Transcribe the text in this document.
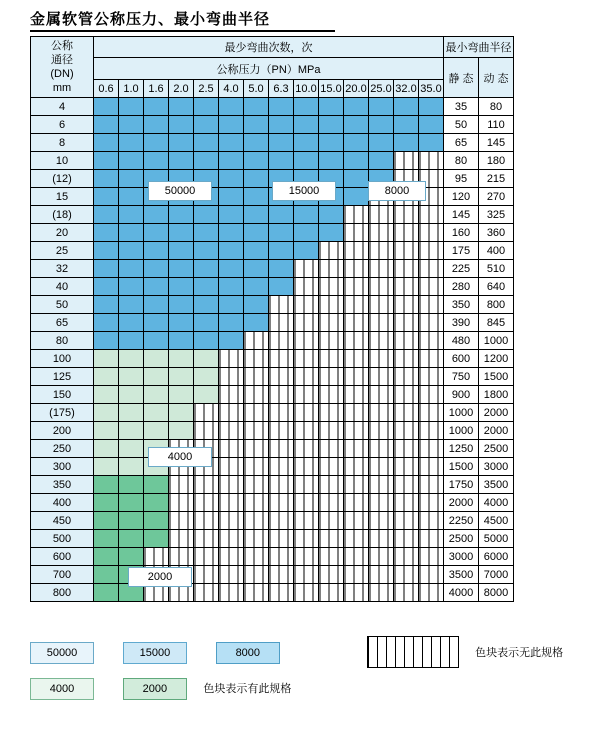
金属软管公称压力、最小弯曲半径
公称
通径
(DN)
mm	最少弯曲次数，次														最小弯曲半径	
	公称压力（PN）MPa														静 态	动 态
	0.6	1.0	1.6	2.0	2.5	4.0	5.0	6.3	10.0	15.0	20.0	25.0	32.0	35.0		
4															35	80
6															50	110
8															65	145
10															80	180
(12)															95	215
15															120	270
(18)															145	325
20															160	360
25															175	400
32															225	510
40															280	640
50															350	800
65															390	845
80															480	1000
100															600	1200
125															750	1500
150															900	1800
(175)															1000	2000
200															1000	2000
250															1250	2500
300															1500	3000
350															1750	3500
400															2000	4000
450															2250	4500
500															2500	5000
600															3000	6000
700															3500	7000
800															4000	8000
50000	15000	8000
4000
2000
50000	15000	8000	色块表示无此规格
4000	2000	色块表示有此规格
